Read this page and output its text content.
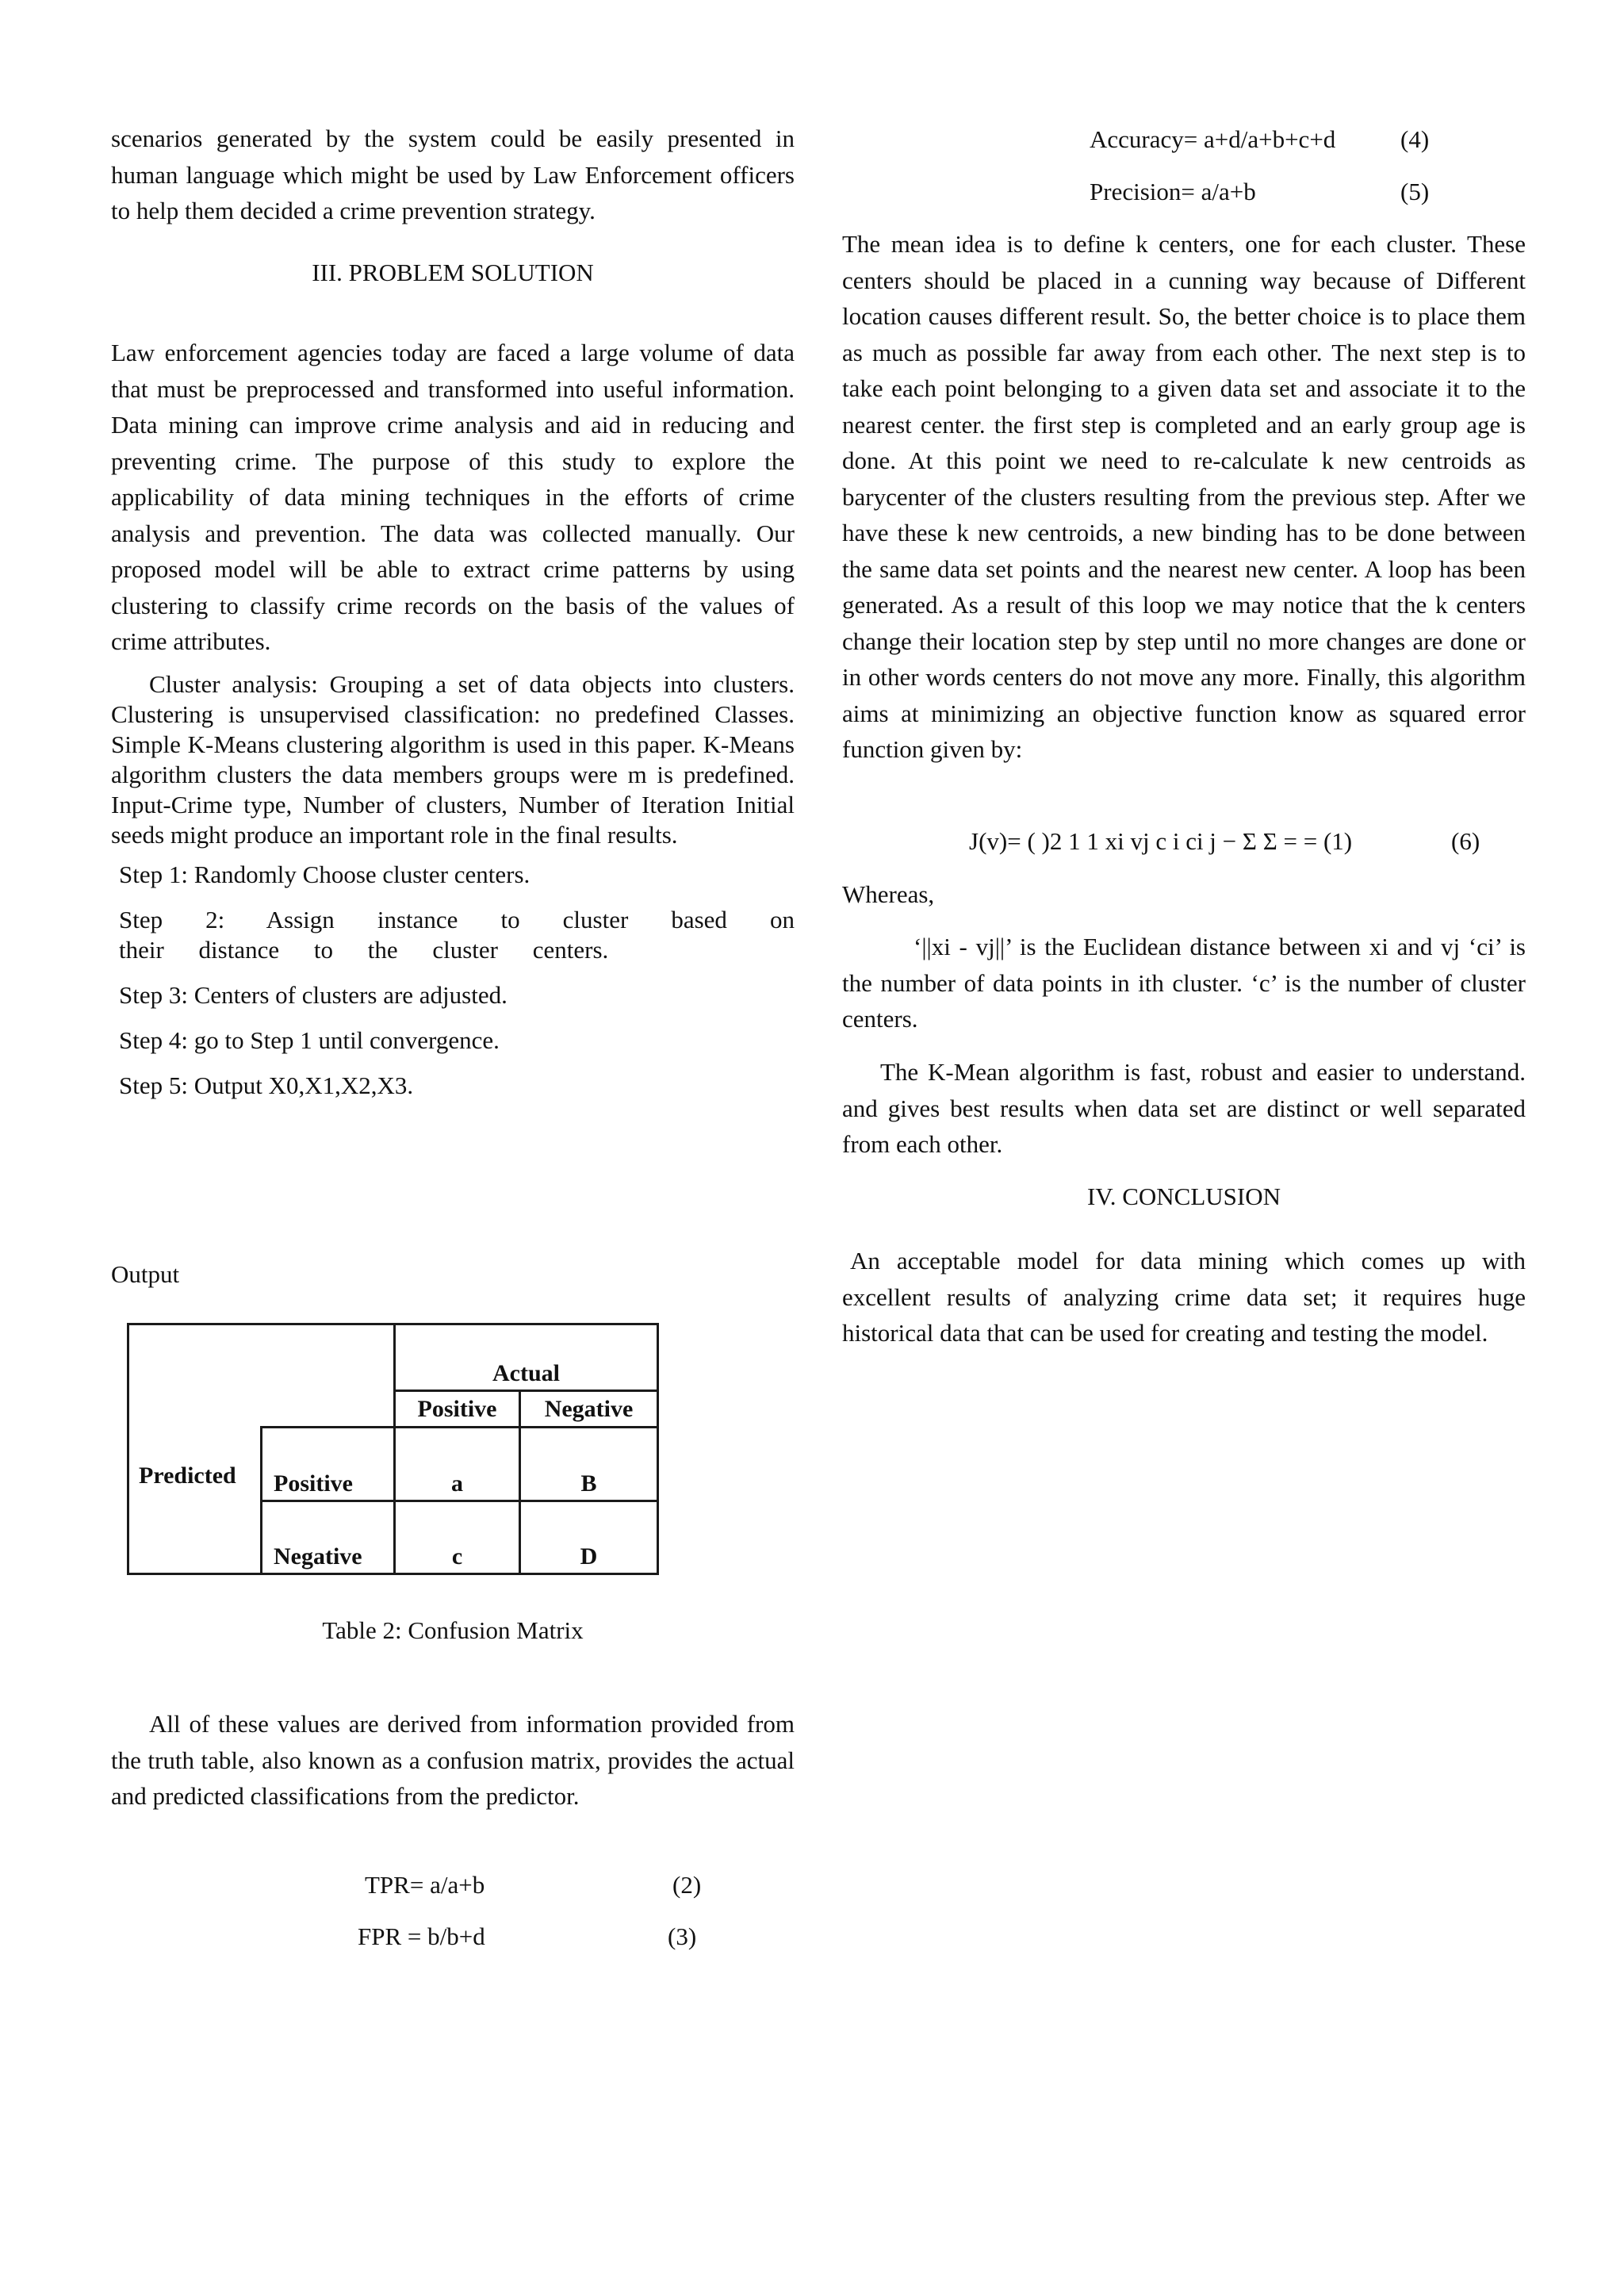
scenarios generated by the system could be easily presented in human language which might be used by Law Enforcement officers to help them decided a crime prevention strategy.

III. PROBLEM SOLUTION

Law enforcement agencies today are faced a large volume of data that must be preprocessed and transformed into useful information. Data mining can improve crime analysis and aid in reducing and preventing crime. The purpose of this study to explore the applicability of data mining techniques in the efforts of crime analysis and prevention. The data was collected manually. Our proposed model will be able to extract crime patterns by using clustering to classify crime records on the basis of the values of crime attributes.

Cluster analysis: Grouping a set of data objects into clusters. Clustering is unsupervised classification: no predefined Classes. Simple K-Means clustering algorithm is used in this paper. K-Means algorithm clusters the data members groups were m is predefined. Input-Crime type, Number of clusters, Number of Iteration Initial seeds might produce an important role in the final results.

Step 1: Randomly Choose cluster centers.

Step 2: Assign instance to cluster based on their distance to the cluster centers.

Step 3: Centers of clusters are adjusted.

Step 4: go to Step 1 until convergence.

Step 5: Output X0,X1,X2,X3.

Output
		Actual	
		Positive	Negative
Predicted	Positive	a	B
	Negative	c	D
Table 2: Confusion Matrix

All of these values are derived from information provided from the truth table, also known as a confusion matrix, provides the actual and predicted classifications from the predictor.

TPR= a/a+b	(2)
FPR = b/b+d	(3)
Accuracy= a+d/a+b+c+d	(4)
Precision= a/a+b	(5)

The mean idea is to define k centers, one for each cluster. These centers should be placed in a cunning way because of Different location causes different result. So, the better choice is to place them as much as possible far away from each other. The next step is to take each point belonging to a given data set and associate it to the nearest center. the first step is completed and an early group age is done. At this point we need to re-calculate k new centroids as barycenter of the clusters resulting from the previous step. After we have these k new centroids, a new binding has to be done between the same data set points and the nearest new center. A loop has been generated. As a result of this loop we may notice that the k centers change their location step by step until no more changes are done or in other words centers do not move any more. Finally, this algorithm aims at minimizing an objective function know as squared error function given by:

J(v)= ( )2 1 1 xi vj c i ci j − Σ Σ = = (1)	(6)
Whereas,

‘||xi - vj||’ is the Euclidean distance between xi and vj ‘ci’ is the number of data points in ith cluster. ‘c’ is the number of cluster centers.

The K-Mean algorithm is fast, robust and easier to understand. and gives best results when data set are distinct or well separated from each other.

IV. CONCLUSION

An acceptable model for data mining which comes up with excellent results of analyzing crime data set; it requires huge historical data that can be used for creating and testing the model.
